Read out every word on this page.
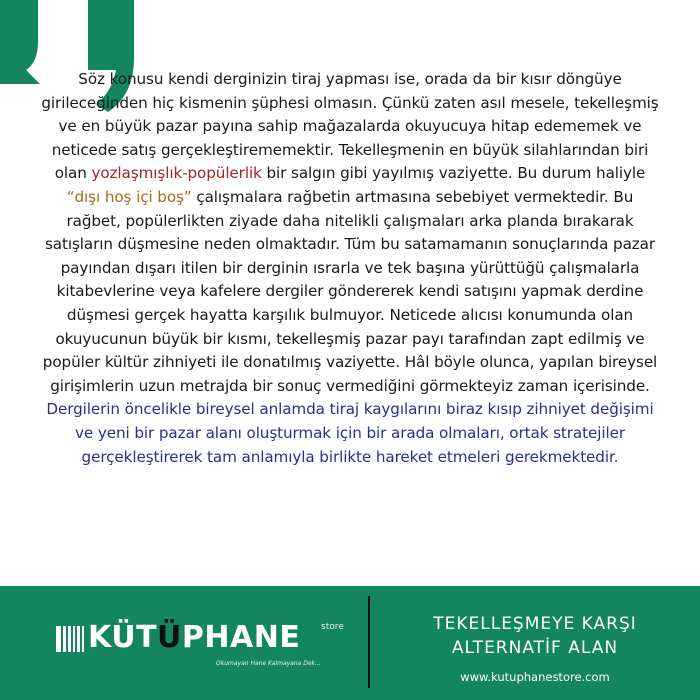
Söz konusu kendi derginizin tiraj yapması ise, orada da bir kısır döngüye girileceğinden hiç kismenin şüphesi olmasın. Çünkü zaten asıl mesele, tekelleşmiş ve en büyük pazar payına sahip mağazalarda okuyucuya hitap edememek ve neticede satış gerçekleştirememektir. Tekelleşmenin en büyük silahlarından biri olan yozlaşmışlık-popülerlik bir salgın gibi yayılmış vaziyette. Bu durum haliyle “dışı hoş içi boş” çalışmalara rağbetin artmasına sebebiyet vermektedir. Bu rağbet, popülerlikten ziyade daha nitelikli çalışmaları arka planda bırakarak satışların düşmesine neden olmaktadır. Tüm bu satamamanın sonuçlarında pazar payından dışarı itilen bir derginin ısrarla ve tek başına yürüttüğü çalışmalarla kitabevlerine veya kafelere dergiler göndererek kendi satışını yapmak derdine düşmesi gerçek hayatta karşılık bulmuyor. Neticede alıcısı konumunda olan okuyucunun büyük bir kısmı, tekelleşmiş pazar payı tarafından zapt edilmiş ve popüler kültür zihniyeti ile donatılmış vaziyette. Hâl böyle olunca, yapılan bireysel girişimlerin uzun metrajda bir sonuç vermediğini görmekteyiz zaman içerisinde. Dergilerin öncelikle bireysel anlamda tiraj kaygılarını biraz kısıp zihniyet değişimi ve yeni bir pazar alanı oluşturmak için bir arada olmaları, ortak stratejiler gerçekleştirerek tam anlamıyla birlikte hareket etmeleri gerekmektedir.
KÜTÜPHANE store
Okumayan Hane Kalmayana Dek...
TEKELLEŞMEYE KARŞI
ALTERNATİF ALAN
www.kutuphanestore.com
